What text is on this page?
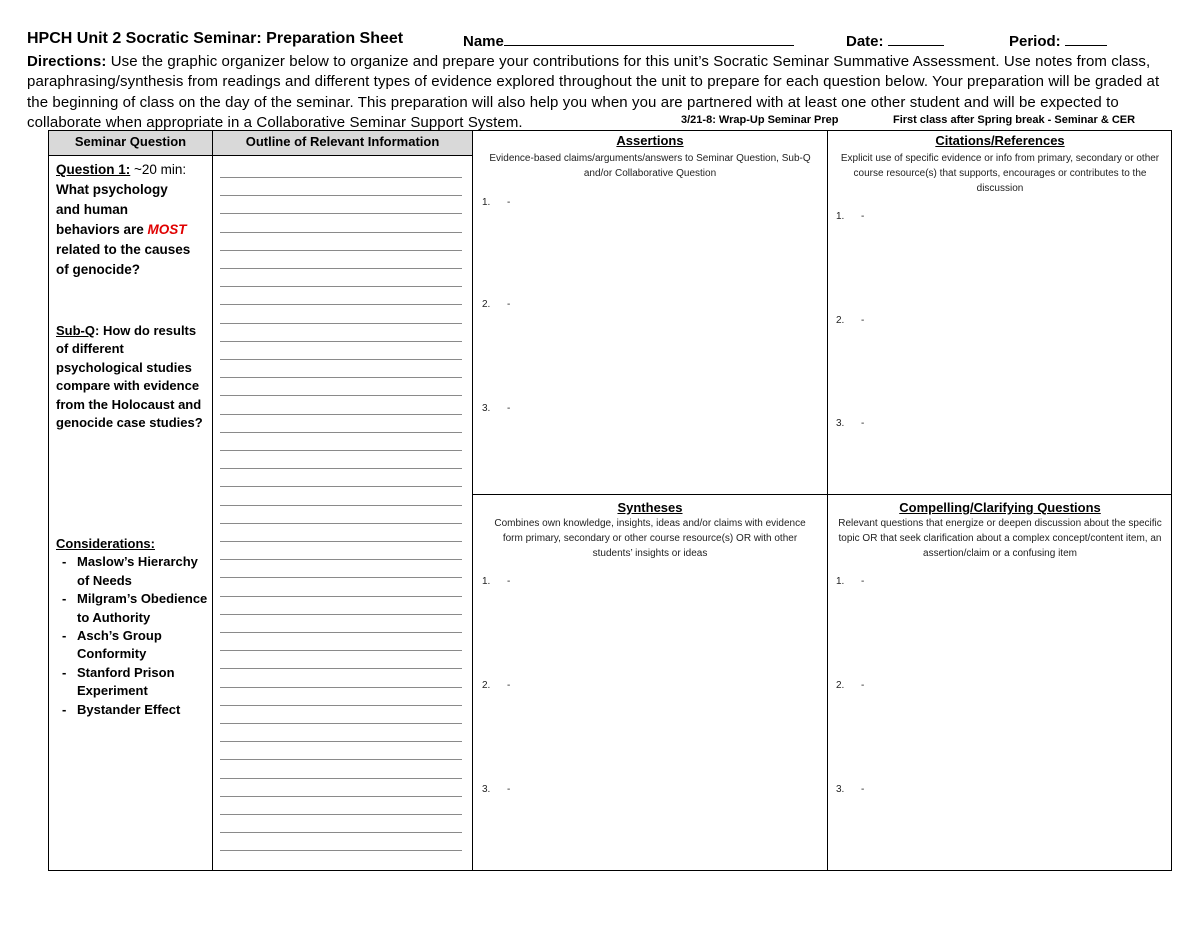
HPCH Unit 2 Socratic Seminar: Preparation Sheet	Name	Date:	Period:
Directions: Use the graphic organizer below to organize and prepare your contributions for this unit’s Socratic Seminar Summative Assessment. Use notes from class, paraphrasing/synthesis from readings and different types of evidence explored throughout the unit to prepare for each question below. Your preparation will be graded at the beginning of class on the day of the seminar. This preparation will also help you when you are partnered with at least one other student and will be expected to collaborate when appropriate in a Collaborative Seminar Support System.	3/21-8: Wrap-Up Seminar Prep	First class after Spring break - Seminar & CER
Seminar Question	Outline of Relevant Information
Question 1: ~20 min:
What psychology
and human
behaviors are MOST
related to the causes
of genocide?
Sub-Q: How do results of different psychological studies compare with evidence from the Holocaust and genocide case studies?
Considerations:
- Maslow’s Hierarchy of Needs
- Milgram’s Obedience to Authority
- Asch’s Group Conformity
- Stanford Prison Experiment
- Bystander Effect
Assertions
Evidence-based claims/arguments/answers to Seminar Question, Sub-Q and/or Collaborative Question
1. -
2. -
3. -
Citations/References
Explicit use of specific evidence or info from primary, secondary or other course resource(s) that supports, encourages or contributes to the discussion
1. -
2. -
3. -
Syntheses
Combines own knowledge, insights, ideas and/or claims with evidence form primary, secondary or other course resource(s) OR with other students’ insights or ideas
1. -
2. -
3. -
Compelling/Clarifying Questions
Relevant questions that energize or deepen discussion about the specific topic OR that seek clarification about a complex concept/content item, an assertion/claim or a confusing item
1. -
2. -
3. -
